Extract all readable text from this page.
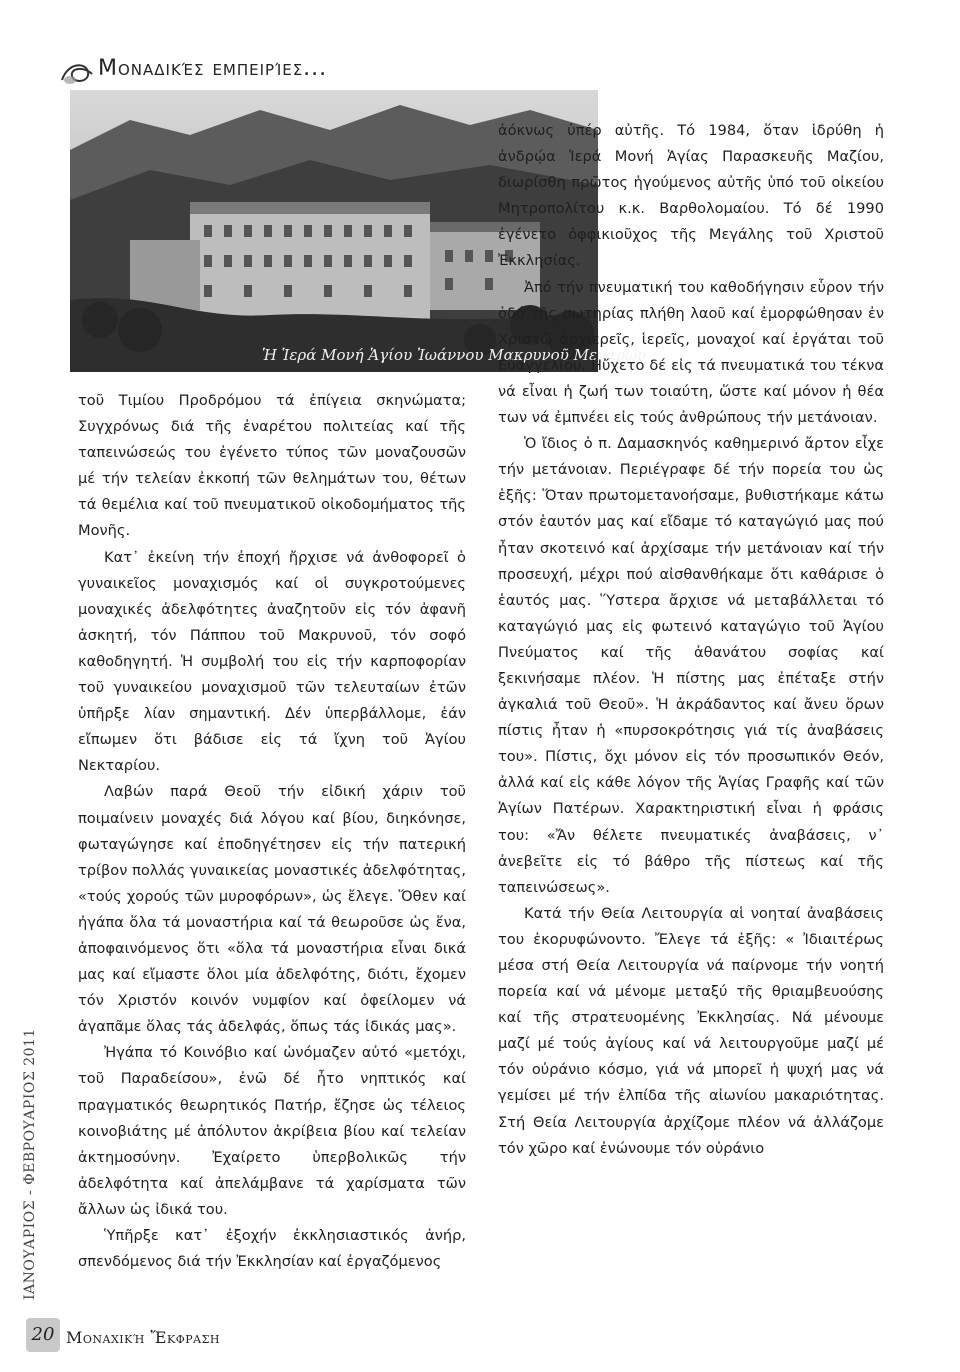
Μοναδικές εμπειρίες...
Ἡ Ἱερά Μονή Ἁγίου Ἰωάννου Μακρυνοῦ Μεγάρων

τοῦ Τιμίου Προδρόμου τά ἐπίγεια σκηνώματα; Συγχρόνως διά τῆς ἐναρέτου πολιτείας καί τῆς ταπεινώσεώς του ἐγένετο τύπος τῶν μοναζουσῶν μέ τήν τελείαν ἐκκοπή τῶν θελημάτων του, θέτων τά θεμέλια καί τοῦ πνευματικοῦ οἰκοδομήματος τῆς Μονῆς.

Κατ᾿ ἐκείνη τήν ἐποχή ἤρχισε νά ἀνθοφορεῖ ὁ γυναικεῖος μοναχισμός καί οἱ συγκροτούμενες μοναχικές ἀδελφότητες ἀναζητοῦν εἰς τόν ἀφανῆ ἀσκητή, τόν Πάππου τοῦ Μακρυνοῦ, τόν σοφό καθοδηγητή. Ἡ συμβολή του εἰς τήν καρποφορίαν τοῦ γυναικείου μοναχισμοῦ τῶν τελευταίων ἐτῶν ὑπῆρξε λίαν σημαντική. Δέν ὑπερβάλλομε, ἐάν εἴπωμεν ὅτι βάδισε εἰς τά ἴχνη τοῦ Ἁγίου Νεκταρίου.

Λαβών παρά Θεοῦ τήν εἰδική χάριν τοῦ ποιμαίνειν μοναχές διά λόγου καί βίου, διηκόνησε, φωταγώγησε καί ἐποδηγέτησεν εἰς τήν πατερική τρίβον πολλάς γυναικείας μοναστικές ἀδελφότητας, «τούς χορούς τῶν μυροφόρων», ὡς ἔλεγε. Ὅθεν καί ἠγάπα ὅλα τά μοναστήρια καί τά θεωροῦσε ὡς ἕνα, ἀποφαινόμενος ὅτι «ὅλα τά μοναστήρια εἶναι δικά μας καί εἴμαστε ὅλοι μία ἀδελφότης, διότι, ἔχομεν τόν Χριστόν κοινόν νυμφίον καί ὀφείλομεν νά ἀγαπᾶμε ὅλας τάς ἀδελφάς, ὅπως τάς ἰδικάς μας».

Ἠγάπα τό Κοινόβιο καί ὠνόμαζεν αὐτό «μετόχι, τοῦ Παραδείσου», ἐνῶ δέ ἦτο νηπτικός καί πραγματικός θεωρητικός Πατήρ, ἔζησε ὡς τέλειος κοινοβιάτης μέ ἀπόλυτον ἀκρίβεια βίου καί τελείαν ἀκτημοσύνην. Ἐχαίρετο ὑπερβολικῶς τήν ἀδελφότητα καί ἀπελάμβανε τά χαρίσματα τῶν ἄλλων ὡς ἰδικά του.

Ὑπῆρξε κατ᾿ ἐξοχήν ἐκκλησιαστικός ἀνήρ, σπενδόμενος διά τήν Ἐκκλησίαν καί ἐργαζόμενος

ἀόκνως ὑπέρ αὐτῆς. Τό 1984, ὅταν ἱδρύθη ἡ ἀνδρῴα Ἱερά Μονή Ἁγίας Παρασκευῆς Μαζίου, διωρίσθη πρῶτος ἡγούμενος αὐτῆς ὑπό τοῦ οἰκείου Μητροπολίτου κ.κ. Βαρθολομαίου. Τό δέ 1990 ἐγένετο ὀφφικιοῦχος τῆς Μεγάλης τοῦ Χριστοῦ Ἐκκλησίας.

Ἀπό τήν πνευματική του καθοδήγησιν εὗρον τήν ὁδό τῆς σωτηρίας πλήθη λαοῦ καί ἐμορφώθησαν ἐν Χριστῷ ἀρχιερεῖς, ἱερεῖς, μοναχοί καί ἐργάται τοῦ Εὐαγγελίου. Ηὔχετο δέ εἰς τά πνευματικά του τέκνα νά εἶναι ἡ ζωή των τοιαύτη, ὥστε καί μόνον ἡ θέα των νά ἐμπνέει εἰς τούς ἀνθρώπους τήν μετάνοιαν.

Ὁ ἴδιος ὁ π. Δαμασκηνός καθημερινό ἄρτον εἶχε τήν μετάνοιαν. Περιέγραφε δέ τήν πορεία του ὡς ἑξῆς: Ὅταν πρωτομετανοήσαμε, βυθιστήκαμε κάτω στόν ἑαυτόν μας καί εἴδαμε τό καταγώγιό μας πού ἦταν σκοτεινό καί ἀρχίσαμε τήν μετάνοιαν καί τήν προσευχή, μέχρι πού αἰσθανθήκαμε ὅτι καθάρισε ὁ ἑαυτός μας. Ὕστερα ἄρχισε νά μεταβάλλεται τό καταγώγιό μας εἰς φωτεινό καταγώγιο τοῦ Ἁγίου Πνεύματος καί τῆς ἀθανάτου σοφίας καί ξεκινήσαμε πλέον. Ἡ πίστης μας ἐπέταξε στήν ἀγκαλιά τοῦ Θεοῦ». Ἡ ἀκράδαντος καί ἄνευ ὅρων πίστις ἦταν ἡ «πυρσοκρότησις γιά τίς ἀναβάσεις του». Πίστις, ὄχι μόνον εἰς τόν προσωπικόν Θεόν, ἀλλά καί εἰς κάθε λόγον τῆς Ἁγίας Γραφῆς καί τῶν Ἁγίων Πατέρων. Χαρακτηριστική εἶναι ἡ φράσις του: «Ἄν θέλετε πνευματικές ἀναβάσεις, ν᾿ ἀνεβεῖτε εἰς τό βάθρο τῆς πίστεως καί τῆς ταπεινώσεως».

Κατά τήν Θεία Λειτουργία αἱ νοηταί ἀναβάσεις του ἐκορυφώνοντο. Ἔλεγε τά ἑξῆς: « Ἰδιαιτέρως μέσα στή Θεία Λειτουργία νά παίρνομε τήν νοητή πορεία καί νά μένομε μεταξύ τῆς θριαμβευούσης καί τῆς στρατευομένης Ἐκκλησίας. Νά μένουμε μαζί μέ τούς ἁγίους καί νά λειτουργοῦμε μαζί μέ τόν οὐράνιο κόσμο, γιά νά μπορεῖ ἡ ψυχή μας νά γεμίσει μέ τήν ἐλπίδα τῆς αἰωνίου μακαριότητας. Στή Θεία Λειτουργία ἀρχίζομε πλέον νά ἀλλάζομε τόν χῶρο καί ἐνώνουμε τόν οὐράνιο

ΙΑΝΟΥΑΡΙΟΣ - ΦΕΒΡΟΥΑΡΙΟΣ 2011
20 Μοναχική Ἔκφραση
